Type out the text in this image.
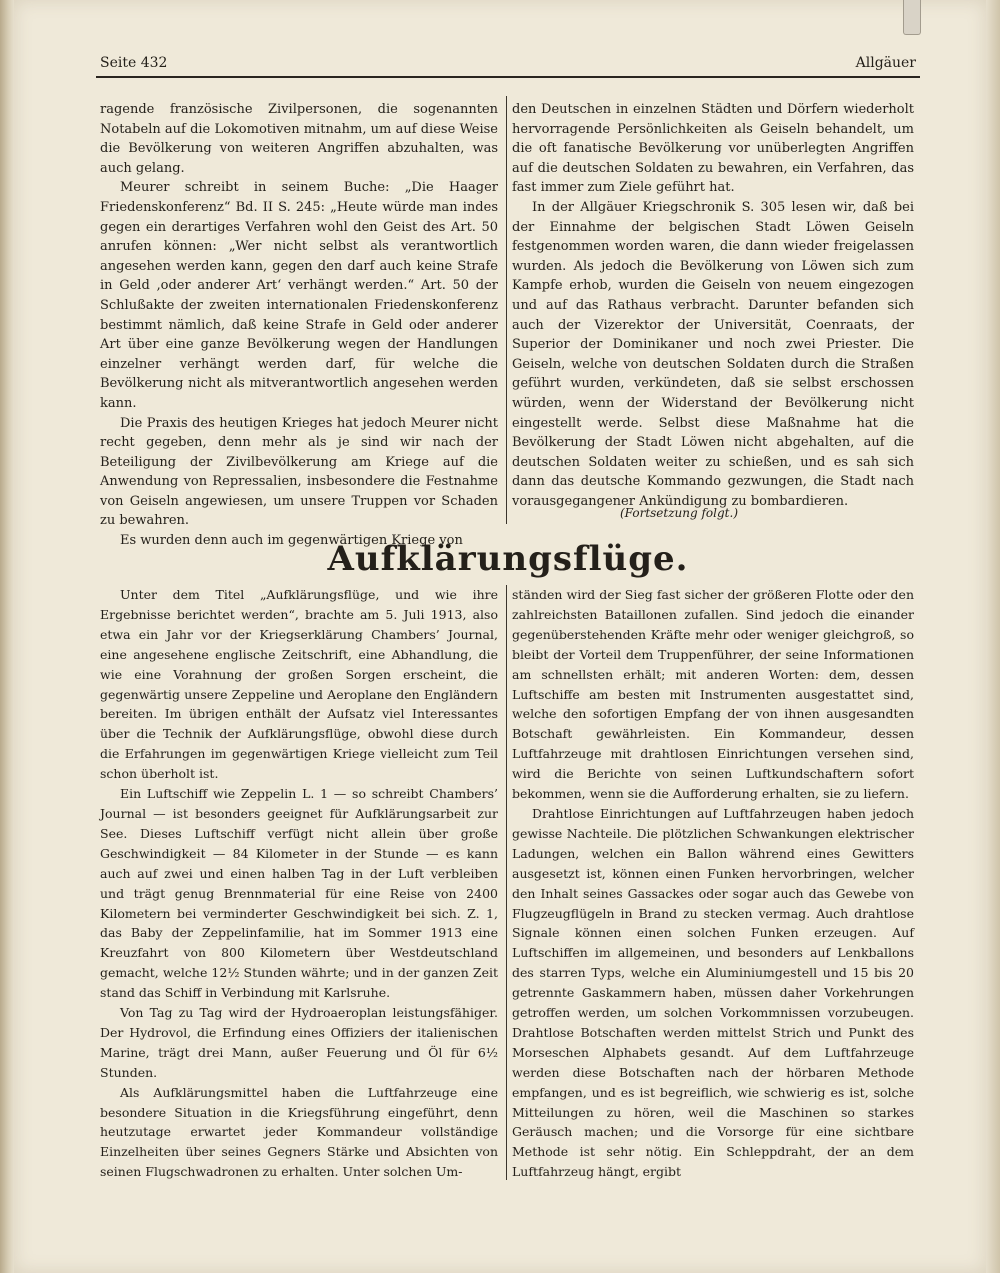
Seite 432	Allgäuer

ragende französische Zivilpersonen, die sogenannten Notabeln auf die Lokomotiven mitnahm, um auf diese Weise die Bevölkerung von weiteren Angriffen abzuhalten, was auch gelang.

Meurer schreibt in seinem Buche: „Die Haager Friedenskonferenz“ Bd. II S. 245: „Heute würde man indes gegen ein derartiges Verfahren wohl den Geist des Art. 50 anrufen können: „Wer nicht selbst als verantwortlich angesehen werden kann, gegen den darf auch keine Strafe in Geld ‚oder anderer Art‘ verhängt werden.“ Art. 50 der Schlußakte der zweiten internationalen Friedenskonferenz bestimmt nämlich, daß keine Strafe in Geld oder anderer Art über eine ganze Bevölkerung wegen der Handlungen einzelner verhängt werden darf, für welche die Bevölkerung nicht als mitverantwortlich angesehen werden kann.

Die Praxis des heutigen Krieges hat jedoch Meurer nicht recht gegeben, denn mehr als je sind wir nach der Beteiligung der Zivilbevölkerung am Kriege auf die Anwendung von Repressalien, insbesondere die Festnahme von Geiseln angewiesen, um unsere Truppen vor Schaden zu bewahren.

Es wurden denn auch im gegenwärtigen Kriege von

den Deutschen in einzelnen Städten und Dörfern wiederholt hervorragende Persönlichkeiten als Geiseln behandelt, um die oft fanatische Bevölkerung vor unüberlegten Angriffen auf die deutschen Soldaten zu bewahren, ein Verfahren, das fast immer zum Ziele geführt hat.

In der Allgäuer Kriegschronik S. 305 lesen wir, daß bei der Einnahme der belgischen Stadt Löwen Geiseln festgenommen worden waren, die dann wieder freigelassen wurden. Als jedoch die Bevölkerung von Löwen sich zum Kampfe erhob, wurden die Geiseln von neuem eingezogen und auf das Rathaus verbracht. Darunter befanden sich auch der Vizerektor der Universität, Coenraats, der Superior der Dominikaner und noch zwei Priester. Die Geiseln, welche von deutschen Soldaten durch die Straßen geführt wurden, verkündeten, daß sie selbst erschossen würden, wenn der Widerstand der Bevölkerung nicht eingestellt werde. Selbst diese Maßnahme hat die Bevölkerung der Stadt Löwen nicht abgehalten, auf die deutschen Soldaten weiter zu schießen, und es sah sich dann das deutsche Kommando gezwungen, die Stadt nach vorausgegangener Ankündigung zu bombardieren.

(Fortsetzung folgt.)
Aufklärungsflüge.

Unter dem Titel „Aufklärungsflüge, und wie ihre Ergebnisse berichtet werden“, brachte am 5. Juli 1913, also etwa ein Jahr vor der Kriegserklärung Chambers’ Journal, eine angesehene englische Zeitschrift, eine Abhandlung, die wie eine Vorahnung der großen Sorgen erscheint, die gegenwärtig unsere Zeppeline und Aeroplane den Engländern bereiten. Im übrigen enthält der Aufsatz viel Interessantes über die Technik der Aufklärungsflüge, obwohl diese durch die Erfahrungen im gegenwärtigen Kriege vielleicht zum Teil schon überholt ist.

Ein Luftschiff wie Zeppelin L. 1 — so schreibt Chambers’ Journal — ist besonders geeignet für Aufklärungsarbeit zur See. Dieses Luftschiff verfügt nicht allein über große Geschwindigkeit — 84 Kilometer in der Stunde — es kann auch auf zwei und einen halben Tag in der Luft verbleiben und trägt genug Brennmaterial für eine Reise von 2400 Kilometern bei verminderter Geschwindigkeit bei sich. Z. 1, das Baby der Zeppelinfamilie, hat im Sommer 1913 eine Kreuzfahrt von 800 Kilometern über Westdeutschland gemacht, welche 12½ Stunden währte; und in der ganzen Zeit stand das Schiff in Verbindung mit Karlsruhe.

Von Tag zu Tag wird der Hydroaeroplan leistungsfähiger. Der Hydrovol, die Erfindung eines Offiziers der italienischen Marine, trägt drei Mann, außer Feuerung und Öl für 6½ Stunden.

Als Aufklärungsmittel haben die Luftfahrzeuge eine besondere Situation in die Kriegsführung eingeführt, denn heutzutage erwartet jeder Kommandeur vollständige Einzelheiten über seines Gegners Stärke und Absichten von seinen Flugschwadronen zu erhalten. Unter solchen Um-

ständen wird der Sieg fast sicher der größeren Flotte oder den zahlreichsten Bataillonen zufallen. Sind jedoch die einander gegenüberstehenden Kräfte mehr oder weniger gleichgroß, so bleibt der Vorteil dem Truppenführer, der seine Informationen am schnellsten erhält; mit anderen Worten: dem, dessen Luftschiffe am besten mit Instrumenten ausgestattet sind, welche den sofortigen Empfang der von ihnen ausgesandten Botschaft gewährleisten. Ein Kommandeur, dessen Luftfahrzeuge mit drahtlosen Einrichtungen versehen sind, wird die Berichte von seinen Luftkundschaftern sofort bekommen, wenn sie die Aufforderung erhalten, sie zu liefern.

Drahtlose Einrichtungen auf Luftfahrzeugen haben jedoch gewisse Nachteile. Die plötzlichen Schwankungen elektrischer Ladungen, welchen ein Ballon während eines Gewitters ausgesetzt ist, können einen Funken hervorbringen, welcher den Inhalt seines Gassackes oder sogar auch das Gewebe von Flugzeugflügeln in Brand zu stecken vermag. Auch drahtlose Signale können einen solchen Funken erzeugen. Auf Luftschiffen im allgemeinen, und besonders auf Lenkballons des starren Typs, welche ein Aluminiumgestell und 15 bis 20 getrennte Gaskammern haben, müssen daher Vorkehrungen getroffen werden, um solchen Vorkommnissen vorzubeugen. Drahtlose Botschaften werden mittelst Strich und Punkt des Morseschen Alphabets gesandt. Auf dem Luftfahrzeuge werden diese Botschaften nach der hörbaren Methode empfangen, und es ist begreiflich, wie schwierig es ist, solche Mitteilungen zu hören, weil die Maschinen so starkes Geräusch machen; und die Vorsorge für eine sichtbare Methode ist sehr nötig. Ein Schleppdraht, der an dem Luftfahrzeug hängt, ergibt
